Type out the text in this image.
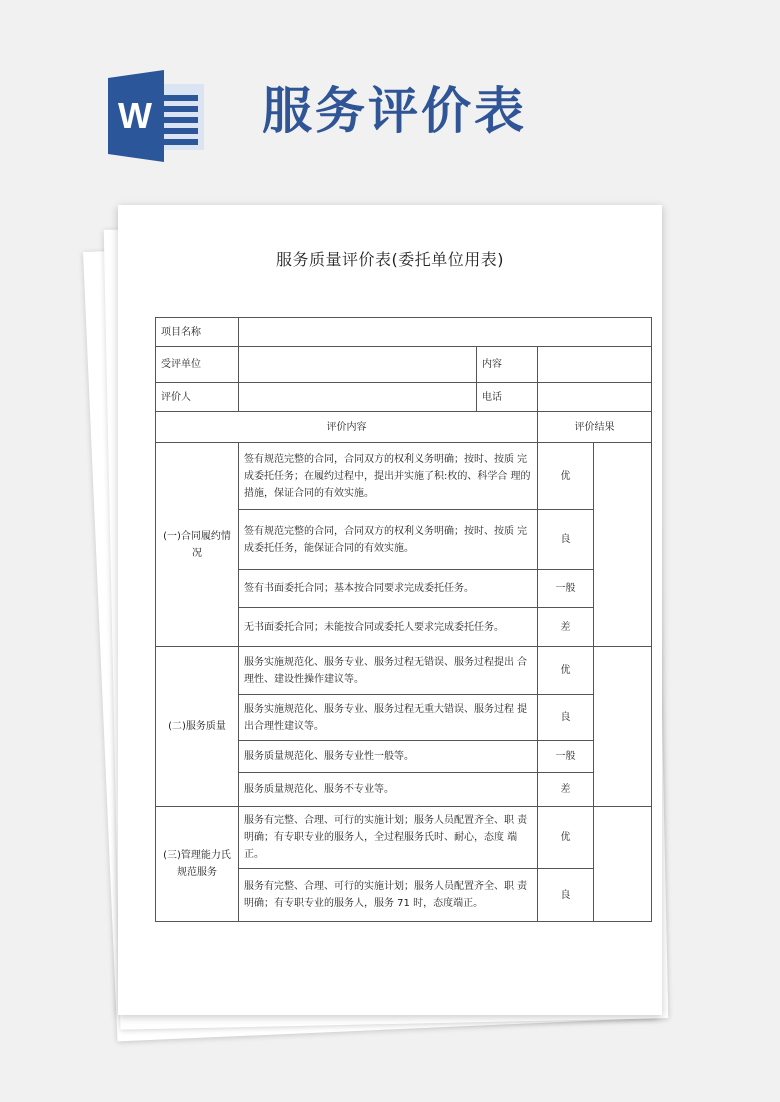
W 服务评价表
服务质量评价表(委托单位用表)
项目名称				
受评单位		内容		
评价人		电话		
评价内容			评价结果	
(一)合同履约情况	签有规范完整的合同，合同双方的权利义务明确；按时、按质 完成委托任务；在履约过程中，提出并实施了积:枚的、科学合 理的措施，保证合同的有效实施。		优	
	签有规范完整的合同，合同双方的权利义务明确；按时、按质 完成委托任务，能保证合同的有效实施。		良	
	签有书面委托合同；基本按合同要求完成委托任务。		一般	
	无书面委托合同；未能按合同或委托人要求完成委托任务。		差	
(二)服务质量	服务实施规范化、服务专业、服务过程无错误、服务过程提出 合理性、建设性操作建议等。		优	
	服务实施规范化、服务专业、服务过程无重大错误、服务过程 提出合理性建议等。		良	
	服务质量规范化、服务专业性一般等。		一般	
	服务质量规范化、服务不专业等。		差	
(三)管理能力氏规范服务	服务有完整、合理、可行的实施计划；服务人员配置齐全、职 责明确；有专职专业的服务人，全过程服务氏时、耐心，态度 端正。		优	
	服务有完整、合理、可行的实施计划；服务人员配置齐全、职 责明确；有专职专业的服务人，服务 71 时，态度端正。		良	
